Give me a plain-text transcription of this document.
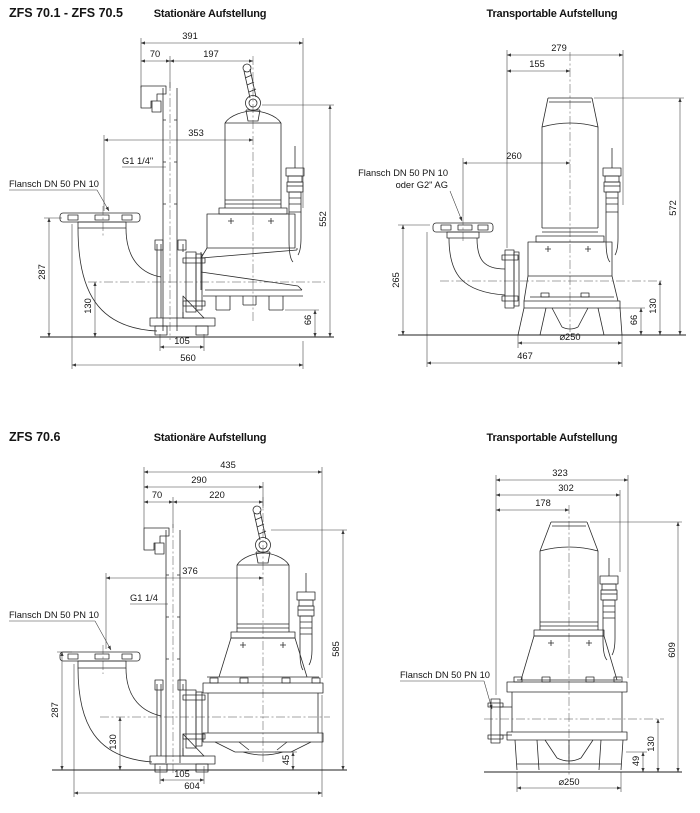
ZFS 70.1 - ZFS 70.5	Stationäre Aufstellung
391
70	197
353
287
130
105
560
66
552
Flansch DN 50 PN 10
G1 1/4"
Transportable Aufstellung
279
155
260
265
572
130
66
⌀250
467
Flansch DN 50 PN 10
oder G2" AG
ZFS 70.6	Stationäre Aufstellung
435
290
70	220
376
287
130
105
604
45
585
Flansch DN 50 PN 10
G1 1/4
Transportable Aufstellung
323
302
178
609
130
49
⌀250
Flansch DN 50 PN 10
